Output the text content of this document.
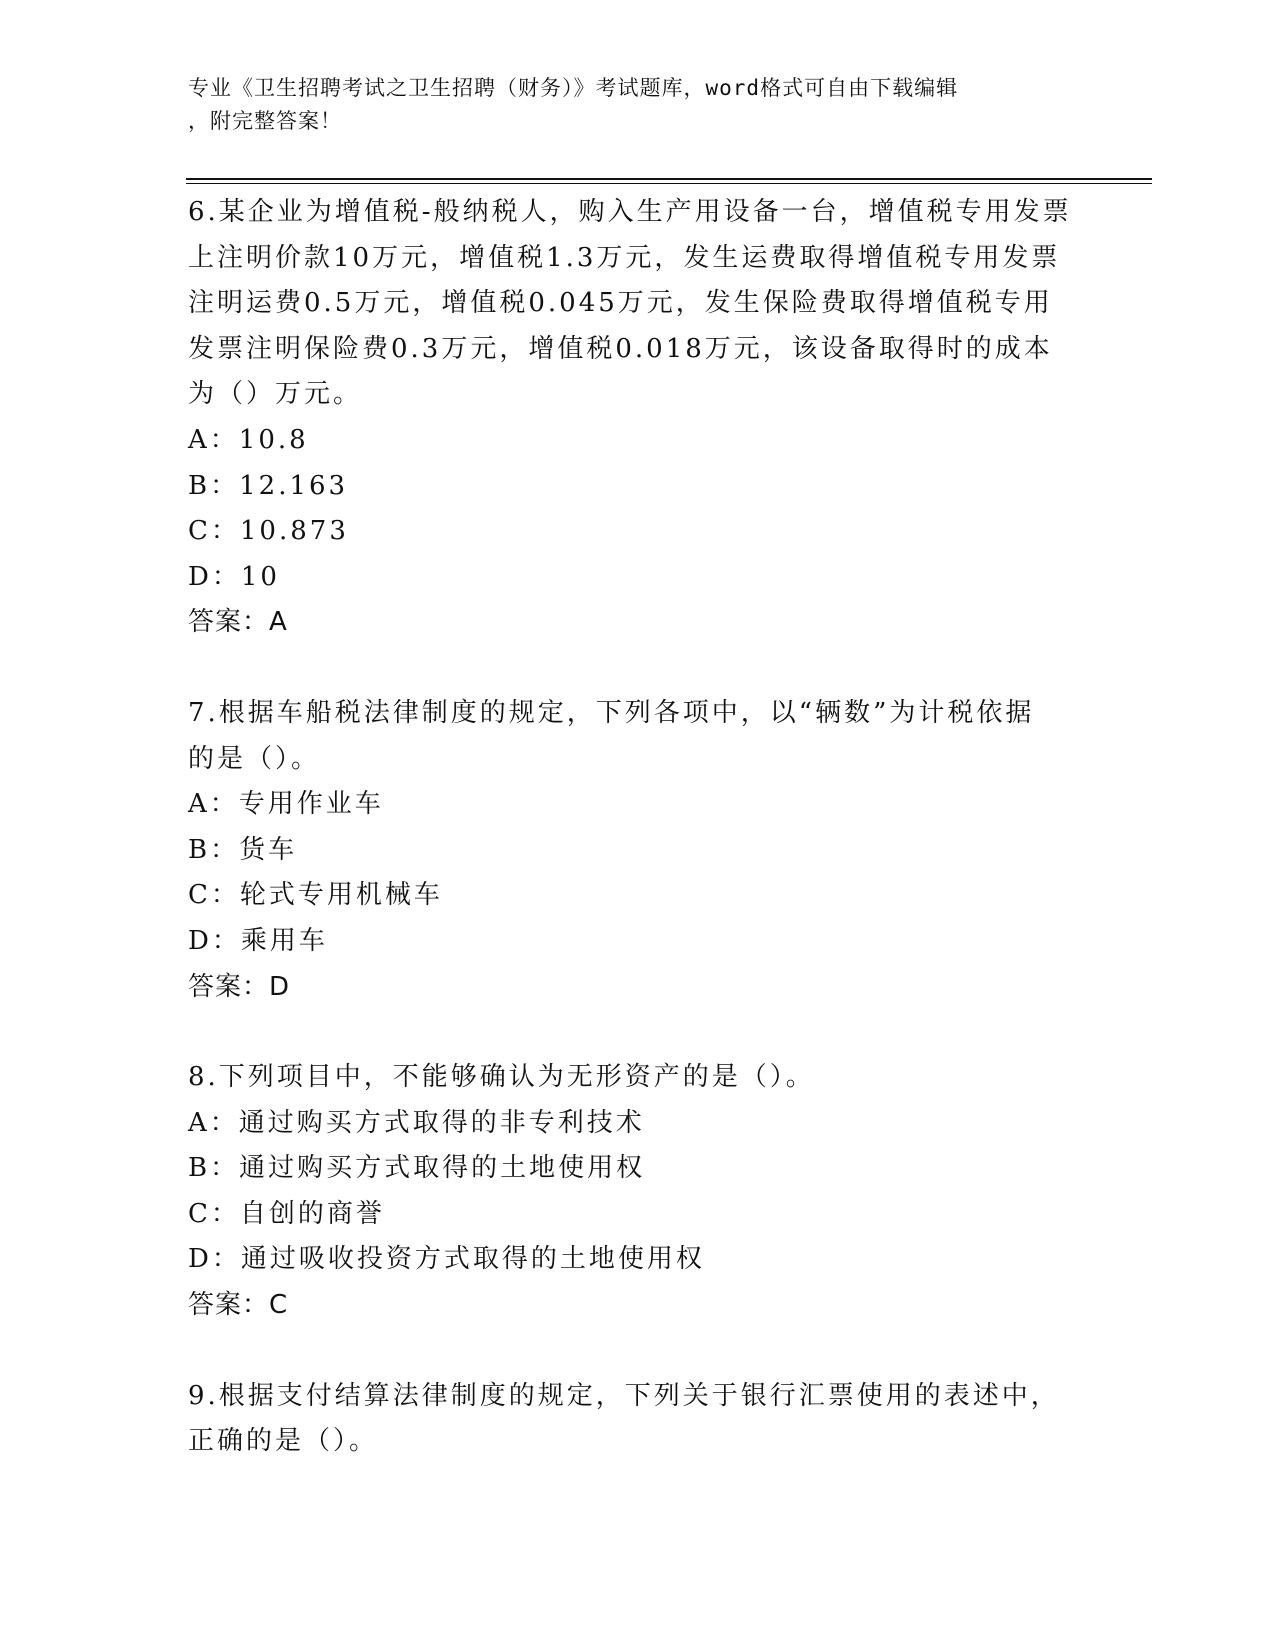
专业《卫生招聘考试之卫生招聘（财务）》考试题库，word格式可自由下载编辑
，附完整答案！
6.某企业为增值税-般纳税人，购入生产用设备一台，增值税专用发票
上注明价款10万元，增值税1.3万元，发生运费取得增值税专用发票
注明运费0.5万元，增值税0.045万元，发生保险费取得增值税专用
发票注明保险费0.3万元，增值税0.018万元，该设备取得时的成本
为（）万元。
A：10.8
B：12.163
C：10.873
D：10
答案：A
7.根据车船税法律制度的规定，下列各项中，以“辆数”为计税依据
的是（）。
A：专用作业车
B：货车
C：轮式专用机械车
D：乘用车
答案：D
8.下列项目中，不能够确认为无形资产的是（）。
A：通过购买方式取得的非专利技术
B：通过购买方式取得的土地使用权
C：自创的商誉
D：通过吸收投资方式取得的土地使用权
答案：C
9.根据支付结算法律制度的规定，下列关于银行汇票使用的表述中，
正确的是（）。
